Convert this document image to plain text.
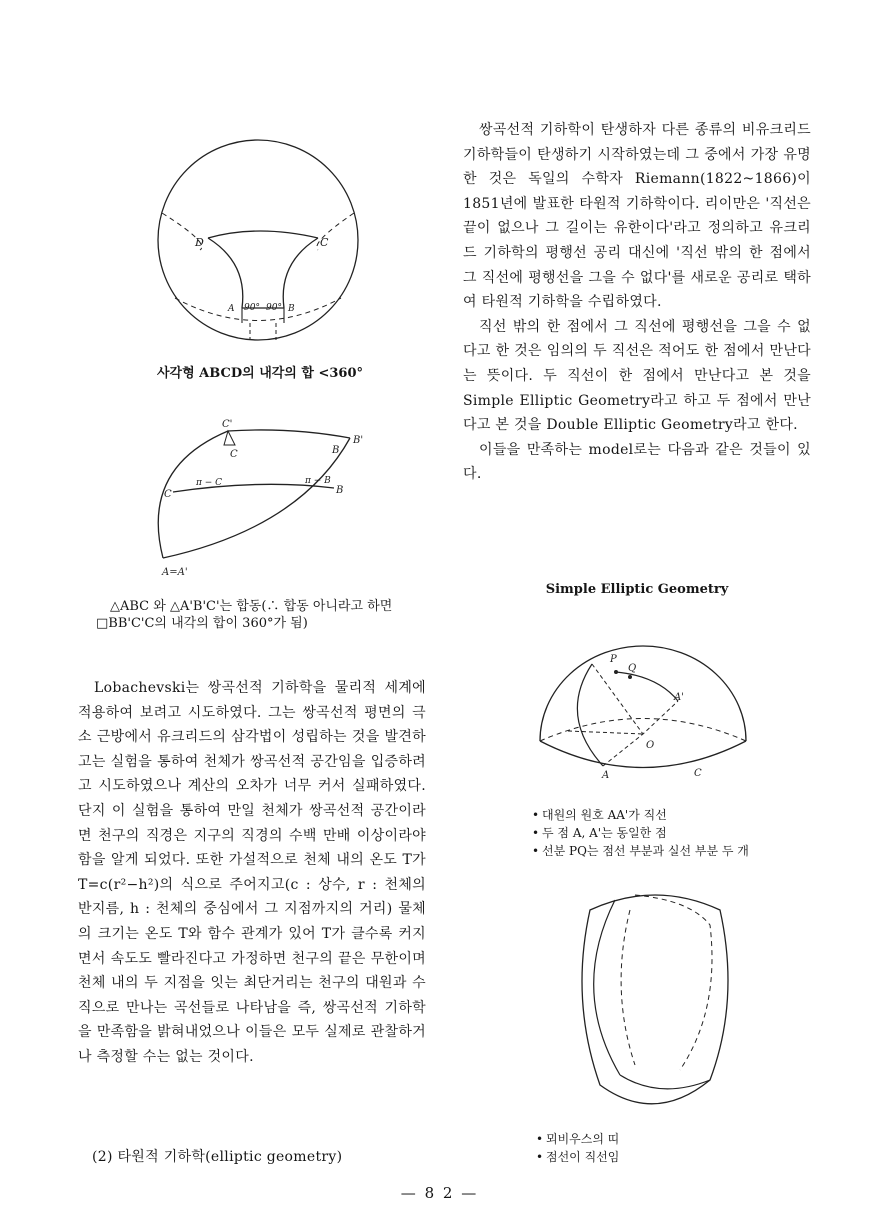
D	C
A 90° 90° B
사각형 ABCD의 내각의 합 <360°
C'
C
B'
B
C	B
π − C	π − B
A=A'
△ABC 와 △A'B'C'는 합동(∴ 합동 아니라고 하면 □BB'C'C의 내각의 합이 360°가 됨)
Lobachevski는 쌍곡선적 기하학을 물리적 세계에 적용하여 보려고 시도하였다. 그는 쌍곡선적 평면의 극소 근방에서 유크리드의 삼각법이 성립하는 것을 발견하고는 실험을 통하여 천체가 쌍곡선적 공간임을 입증하려고 시도하였으나 계산의 오차가 너무 커서 실패하였다. 단지 이 실험을 통하여 만일 천체가 쌍곡선적 공간이라면 천구의 직경은 지구의 직경의 수백 만배 이상이라야 함을 알게 되었다. 또한 가설적으로 천체 내의 온도 T가 T=c(r²−h²)의 식으로 주어지고(c : 상수, r : 천체의 반지름, h : 천체의 중심에서 그 지점까지의 거리) 물체의 크기는 온도 T와 함수 관계가 있어 T가 클수록 커지면서 속도도 빨라진다고 가정하면 천구의 끝은 무한이며 천체 내의 두 지점을 잇는 최단거리는 천구의 대원과 수직으로 만나는 곡선들로 나타남을 즉, 쌍곡선적 기하학을 만족함을 밝혀내었으나 이들은 모두 실제로 관찰하거나 측정할 수는 없는 것이다.
(2) 타원적 기하학(elliptic geometry)
쌍곡선적 기하학이 탄생하자 다른 종류의 비유크리드 기하학들이 탄생하기 시작하였는데 그 중에서 가장 유명한 것은 독일의 수학자 Riemann(1822~1866)이 1851년에 발표한 타원적 기하학이다. 리이만은 '직선은 끝이 없으나 그 길이는 유한이다'라고 정의하고 유크리드 기하학의 평행선 공리 대신에 '직선 밖의 한 점에서 그 직선에 평행선을 그을 수 없다'를 새로운 공리로 택하여 타원적 기하학을 수립하였다.
직선 밖의 한 점에서 그 직선에 평행선을 그을 수 없다고 한 것은 임의의 두 직선은 적어도 한 점에서 만난다는 뜻이다. 두 직선이 한 점에서 만난다고 본 것을 Simple Elliptic Geometry라고 하고 두 점에서 만난다고 본 것을 Double Elliptic Geometry라고 한다.
이들을 만족하는 model로는 다음과 같은 것들이 있다.
Simple Elliptic Geometry
P
Q
A'
O
A	C
• 대원의 원호 AA'가 직선
• 두 점 A, A'는 동일한 점
• 선분 PQ는 점선 부분과 실선 부분 두 개
• 뫼비우스의 띠
• 점선이 직선임
— 8 2 —
